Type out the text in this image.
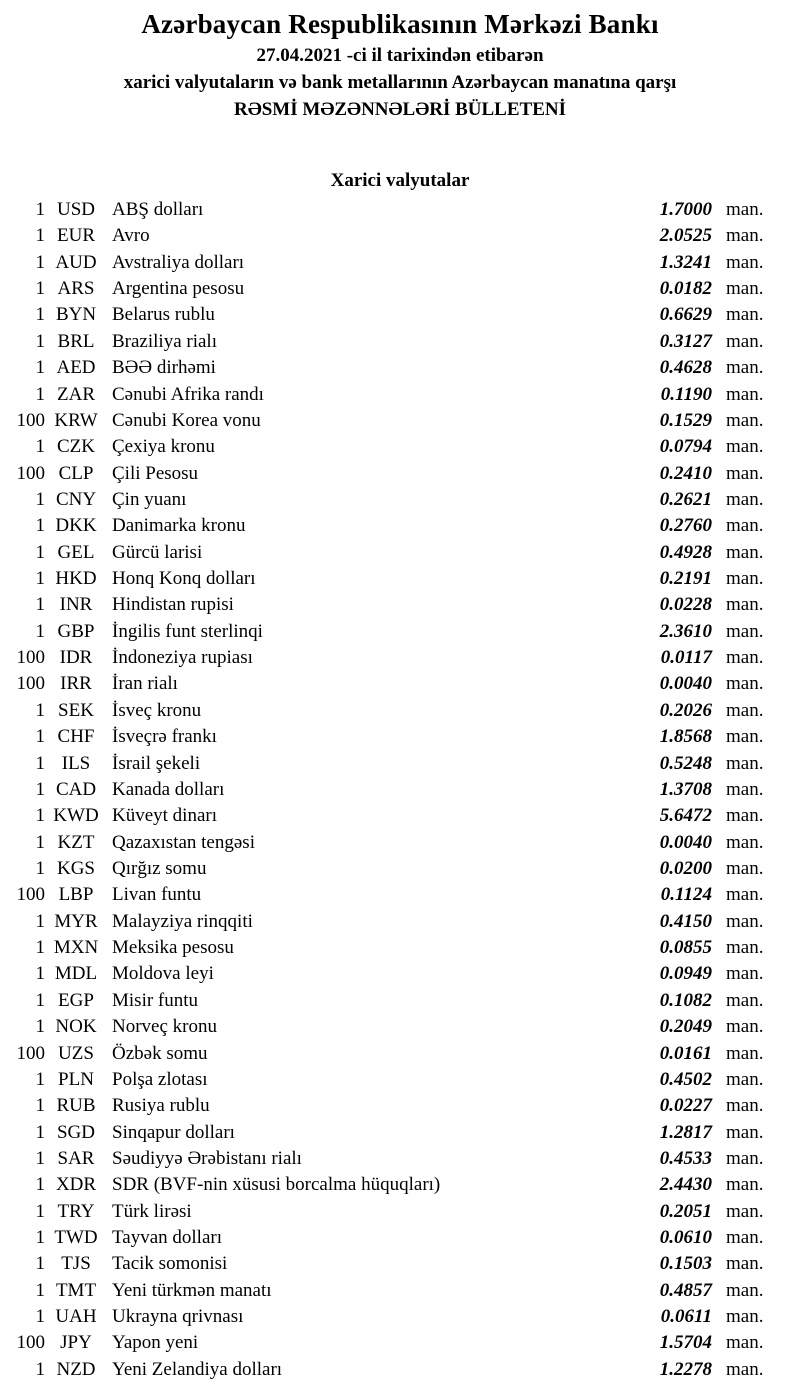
Azərbaycan Respublikasının Mərkəzi Bankı
27.04.2021 -ci il tarixindən etibarən
xarici valyutaların və bank metallarının Azərbaycan manatına qarşı
RƏSMİ MƏZƏNNƏLƏRİ BÜLLETENİ
Xarici valyutalar
1 USD ABŞ dolları	1.7000 man.
1 EUR Avro	2.0525 man.
1 AUD Avstraliya dolları	1.3241 man.
1 ARS Argentina pesosu	0.0182 man.
1 BYN Belarus rublu	0.6629 man.
1 BRL Braziliya rialı	0.3127 man.
1 AED BƏƏ dirhəmi	0.4628 man.
1 ZAR Cənubi Afrika randı	0.1190 man.
100 KRW Cənubi Korea vonu	0.1529 man.
1 CZK Çexiya kronu	0.0794 man.
100 CLP Çili Pesosu	0.2410 man.
1 CNY Çin yuanı	0.2621 man.
1 DKK Danimarka kronu	0.2760 man.
1 GEL Gürcü larisi	0.4928 man.
1 HKD Honq Konq dolları	0.2191 man.
1 INR	Hindistan rupisi	0.0228 man.
1 GBP İngilis funt sterlinqi	2.3610 man.
100 IDR	İndoneziya rupiası	0.0117 man.
100 IRR	İran rialı	0.0040 man.
1 SEK İsveç kronu	0.2026 man.
1 CHF İsveçrə frankı	1.8568 man.
1 ILS	İsrail şekeli	0.5248 man.
1 CAD Kanada dolları	1.3708 man.
1 KWD Küveyt dinarı	5.6472 man.
1 KZT Qazaxıstan tengəsi	0.0040 man.
1 KGS Qırğız somu	0.0200 man.
100 LBP Livan funtu	0.1124 man.
1 MYR Malayziya rinqqiti	0.4150 man.
1 MXN Meksika pesosu	0.0855 man.
1 MDL Moldova leyi	0.0949 man.
1 EGP Misir funtu	0.1082 man.
1 NOK Norveç kronu	0.2049 man.
100 UZS Özbək somu	0.0161 man.
1 PLN Polşa zlotası	0.4502 man.
1 RUB Rusiya rublu	0.0227 man.
1 SGD Sinqapur dolları	1.2817 man.
1 SAR Səudiyyə Ərəbistanı rialı	0.4533 man.
1 XDR SDR (BVF-nin xüsusi borcalma hüquqları)	2.4430 man.
1 TRY Türk lirəsi	0.2051 man.
1 TWD Tayvan dolları	0.0610 man.
1 TJS	Tacik somonisi	0.1503 man.
1 TMT Yeni türkmən manatı	0.4857 man.
1 UAH Ukrayna qrivnası	0.0611 man.
100 JPY	Yapon yeni	1.5704 man.
1 NZD Yeni Zelandiya dolları	1.2278 man.
